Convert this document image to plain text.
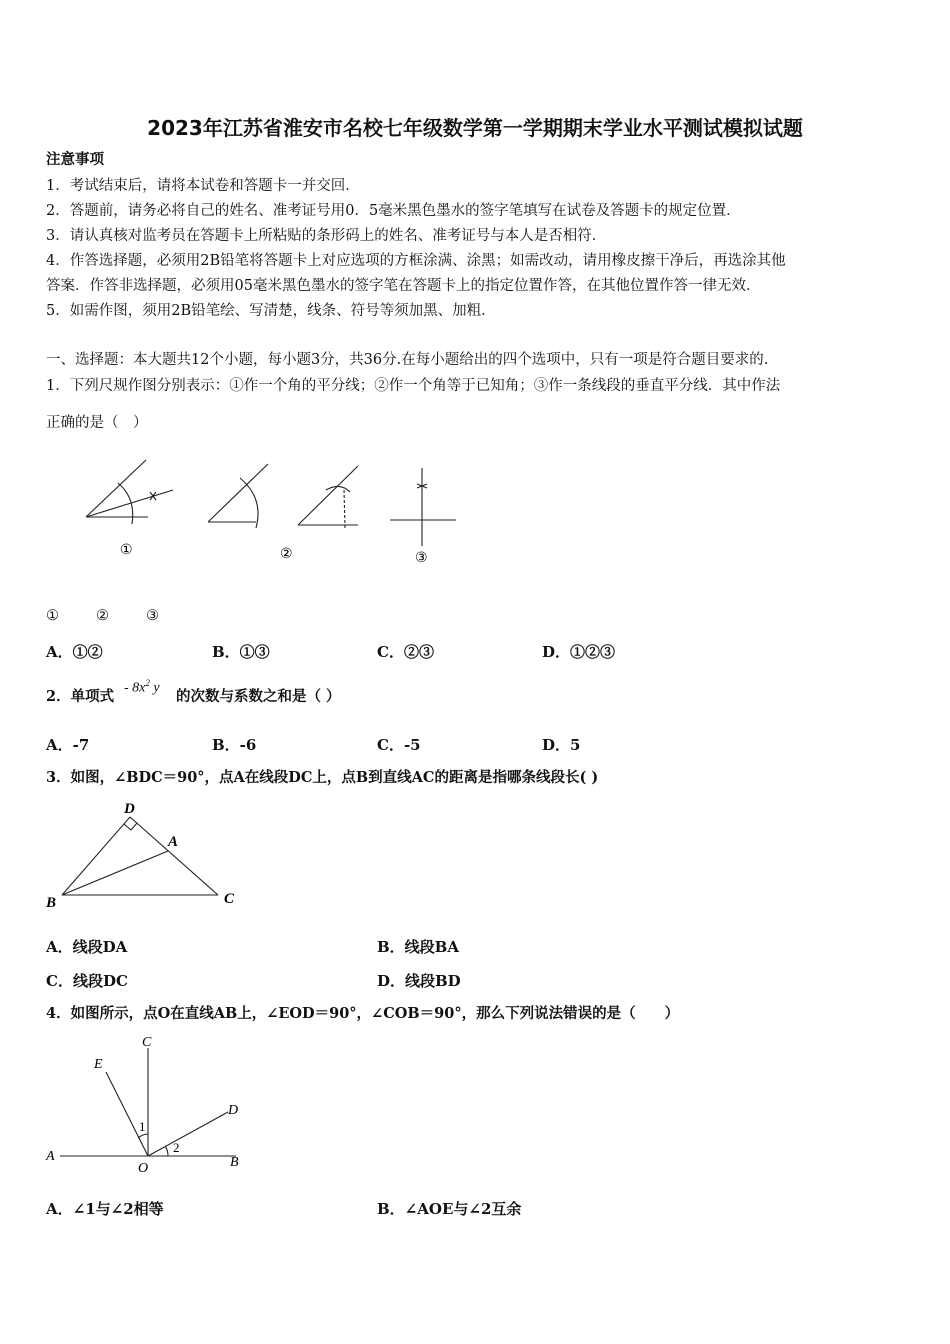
2023年江苏省淮安市名校七年级数学第一学期期末学业水平测试模拟试题
注意事项
1．考试结束后，请将本试卷和答题卡一并交回．
2．答题前，请务必将自己的姓名、准考证号用0．5毫米黑色墨水的签字笔填写在试卷及答题卡的规定位置．
3．请认真核对监考员在答题卡上所粘贴的条形码上的姓名、准考证号与本人是否相符．
4．作答选择题，必须用2B铅笔将答题卡上对应选项的方框涂满、涂黑；如需改动，请用橡皮擦干净后，再选涂其他
答案．作答非选择题，必须用05毫米黑色墨水的签字笔在答题卡上的指定位置作答，在其他位置作答一律无效．
5．如需作图，须用2B铅笔绘、写清楚，线条、符号等须加黑、加粗．
一、选择题：本大题共12个小题，每小题3分，共36分.在每小题给出的四个选项中，只有一项是符合题目要求的.
1．下列尺规作图分别表示：①作一个角的平分线；②作一个角等于已知角；③作一条线段的垂直平分线．其中作法
正确的是（　）
①	②	③
①	②	③
A．①②	B．①③	C．②③	D．①②③
2．单项式 - $8x^2$ y 的次数与系数之和是（ ）
A．-7	B．-6	C．-5	D．5
3．如图，∠BDC＝90°，点A在线段DC上，点B到直线AC的距离是指哪条线段长( )
D
A
B	C
A．线段DA	B．线段BA
C．线段DC	D．线段BD
4．如图所示，点O在直线AB上，∠EOD＝90°，∠COB＝90°，那么下列说法错误的是（　　）
C
E
D
A
O	B
1
2
A．∠1与∠2相等	B．∠AOE与∠2互余
